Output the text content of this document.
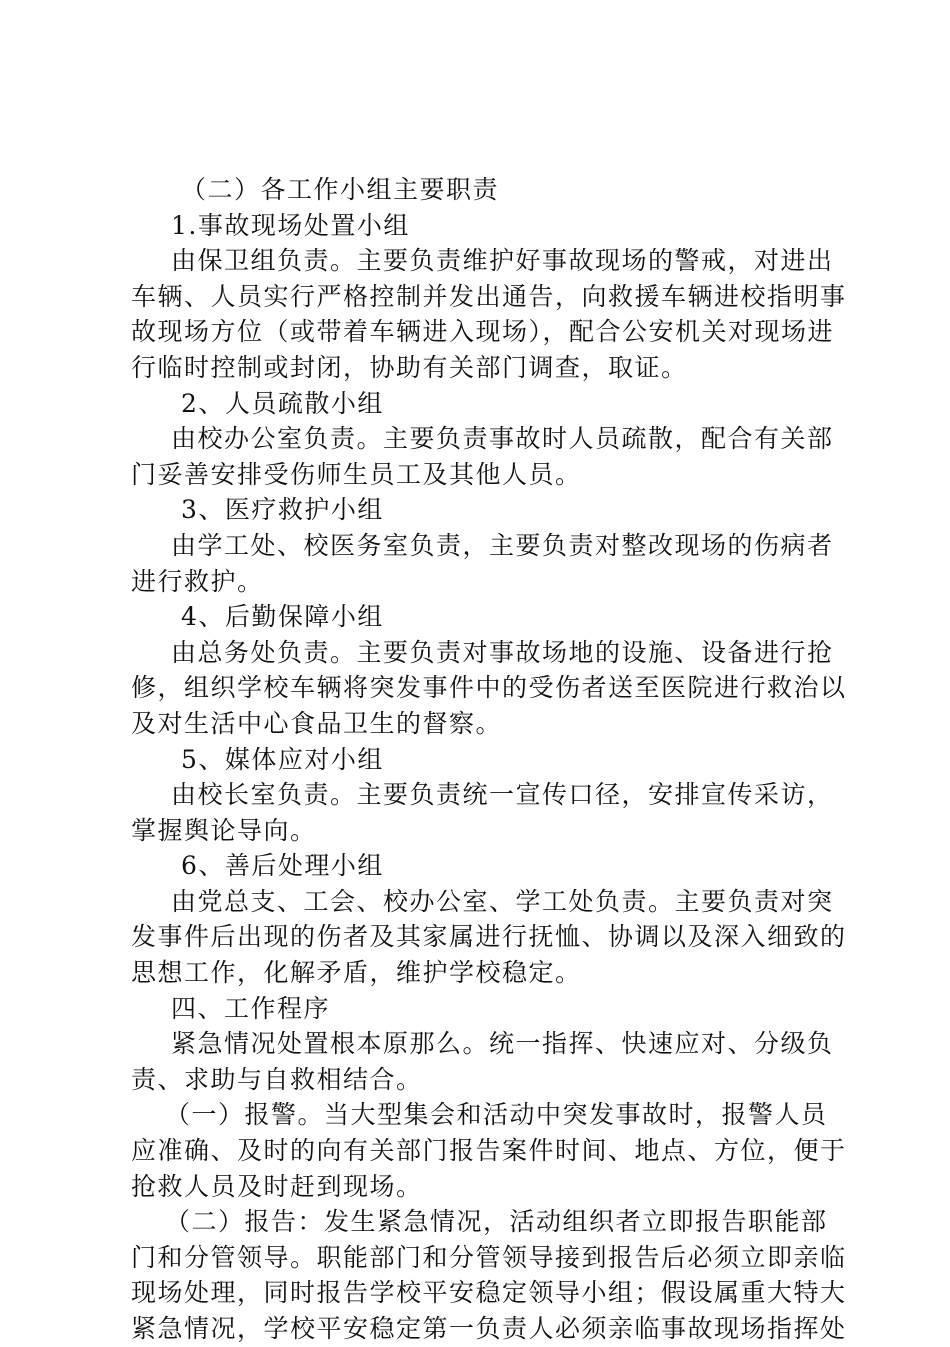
（二）各工作小组主要职责
1.事故现场处置小组
由保卫组负责。主要负责维护好事故现场的警戒，对进出
车辆、人员实行严格控制并发出通告，向救援车辆进校指明事
故现场方位（或带着车辆进入现场），配合公安机关对现场进
行临时控制或封闭，协助有关部门调查，取证。
2、人员疏散小组
由校办公室负责。主要负责事故时人员疏散，配合有关部
门妥善安排受伤师生员工及其他人员。
3、医疗救护小组
由学工处、校医务室负责，主要负责对整改现场的伤病者
进行救护。
4、后勤保障小组
由总务处负责。主要负责对事故场地的设施、设备进行抢
修，组织学校车辆将突发事件中的受伤者送至医院进行救治以
及对生活中心食品卫生的督察。
5、媒体应对小组
由校长室负责。主要负责统一宣传口径，安排宣传采访，
掌握舆论导向。
6、善后处理小组
由党总支、工会、校办公室、学工处负责。主要负责对突
发事件后出现的伤者及其家属进行抚恤、协调以及深入细致的
思想工作，化解矛盾，维护学校稳定。
四、工作程序
紧急情况处置根本原那么。统一指挥、快速应对、分级负
责、求助与自救相结合。
（一）报警。当大型集会和活动中突发事故时，报警人员
应准确、及时的向有关部门报告案件时间、地点、方位，便于
抢救人员及时赶到现场。
（二）报告：发生紧急情况，活动组织者立即报告职能部
门和分管领导。职能部门和分管领导接到报告后必须立即亲临
现场处理，同时报告学校平安稳定领导小组；假设属重大特大
紧急情况，学校平安稳定第一负责人必须亲临事故现场指挥处
